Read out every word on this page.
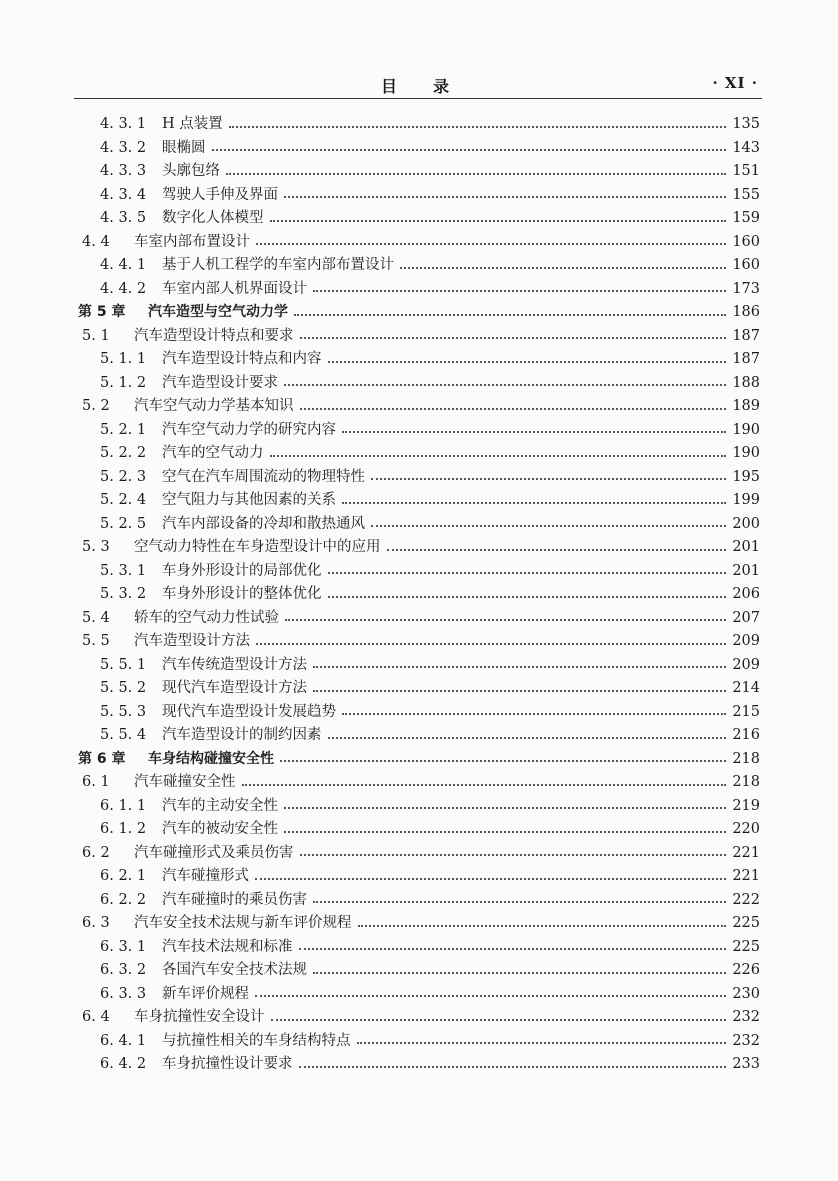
目 录	· XI ·
4. 3. 1	H 点装置	135
4. 3. 2	眼椭圆	143
4. 3. 3	头廓包络	151
4. 3. 4	驾驶人手伸及界面	155
4. 3. 5	数字化人体模型	159
4. 4	车室内部布置设计	160
4. 4. 1	基于人机工程学的车室内部布置设计	160
4. 4. 2	车室内部人机界面设计	173
第 5 章	汽车造型与空气动力学	186
5. 1	汽车造型设计特点和要求	187
5. 1. 1	汽车造型设计特点和内容	187
5. 1. 2	汽车造型设计要求	188
5. 2	汽车空气动力学基本知识	189
5. 2. 1	汽车空气动力学的研究内容	190
5. 2. 2	汽车的空气动力	190
5. 2. 3	空气在汽车周围流动的物理特性	195
5. 2. 4	空气阻力与其他因素的关系	199
5. 2. 5	汽车内部设备的冷却和散热通风	200
5. 3	空气动力特性在车身造型设计中的应用	201
5. 3. 1	车身外形设计的局部优化	201
5. 3. 2	车身外形设计的整体优化	206
5. 4	轿车的空气动力性试验	207
5. 5	汽车造型设计方法	209
5. 5. 1	汽车传统造型设计方法	209
5. 5. 2	现代汽车造型设计方法	214
5. 5. 3	现代汽车造型设计发展趋势	215
5. 5. 4	汽车造型设计的制约因素	216
第 6 章	车身结构碰撞安全性	218
6. 1	汽车碰撞安全性	218
6. 1. 1	汽车的主动安全性	219
6. 1. 2	汽车的被动安全性	220
6. 2	汽车碰撞形式及乘员伤害	221
6. 2. 1	汽车碰撞形式	221
6. 2. 2	汽车碰撞时的乘员伤害	222
6. 3	汽车安全技术法规与新车评价规程	225
6. 3. 1	汽车技术法规和标准	225
6. 3. 2	各国汽车安全技术法规	226
6. 3. 3	新车评价规程	230
6. 4	车身抗撞性安全设计	232
6. 4. 1	与抗撞性相关的车身结构特点	232
6. 4. 2	车身抗撞性设计要求	233
